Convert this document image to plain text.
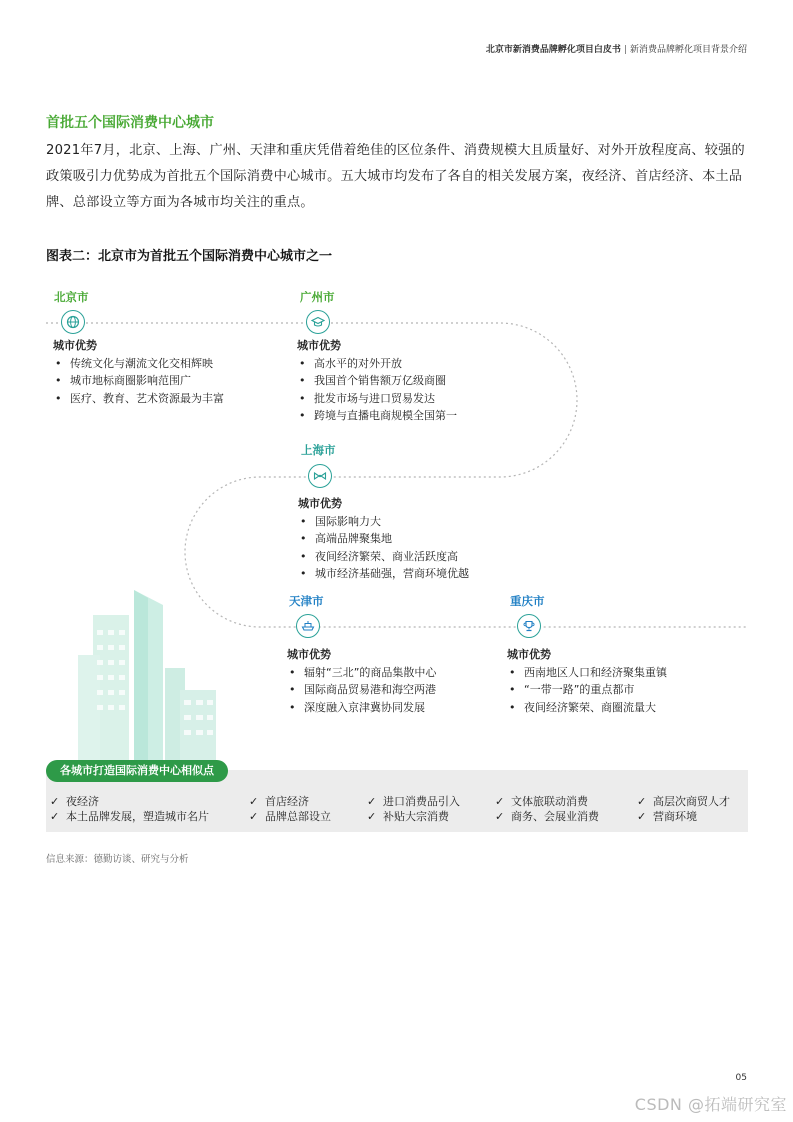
北京市新消费品牌孵化项目白皮书 | 新消费品牌孵化项目背景介绍
首批五个国际消费中心城市
2021年7月，北京、上海、广州、天津和重庆凭借着绝佳的区位条件、消费规模大且质量好、对外开放程度高、较强的政策吸引力优势成为首批五个国际消费中心城市。五大城市均发布了各自的相关发展方案，夜经济、首店经济、本土品牌、总部设立等方面为各城市均关注的重点。
图表二：北京市为首批五个国际消费中心城市之一
北京市
城市优势
• 传统文化与潮流文化交相辉映
• 城市地标商圈影响范围广
• 医疗、教育、艺术资源最为丰富
广州市
城市优势
• 高水平的对外开放
• 我国首个销售额万亿级商圈
• 批发市场与进口贸易发达
• 跨境与直播电商规模全国第一
上海市
城市优势
• 国际影响力大
• 高端品牌聚集地
• 夜间经济繁荣、商业活跃度高
• 城市经济基础强，营商环境优越
天津市
城市优势
• 辐射“三北”的商品集散中心
• 国际商品贸易港和海空两港
• 深度融入京津冀协同发展
重庆市
城市优势
• 西南地区人口和经济聚集重镇
• “一带一路”的重点都市
• 夜间经济繁荣、商圈流量大
各城市打造国际消费中心相似点
✓ 夜经济
✓ 本土品牌发展，塑造城市名片
✓ 首店经济
✓ 品牌总部设立
✓ 进口消费品引入
✓ 补贴大宗消费
✓ 文体旅联动消费
✓ 商务、会展业消费
✓ 高层次商贸人才
✓ 营商环境
信息来源：德勤访谈、研究与分析
05
CSDN @拓端研究室
